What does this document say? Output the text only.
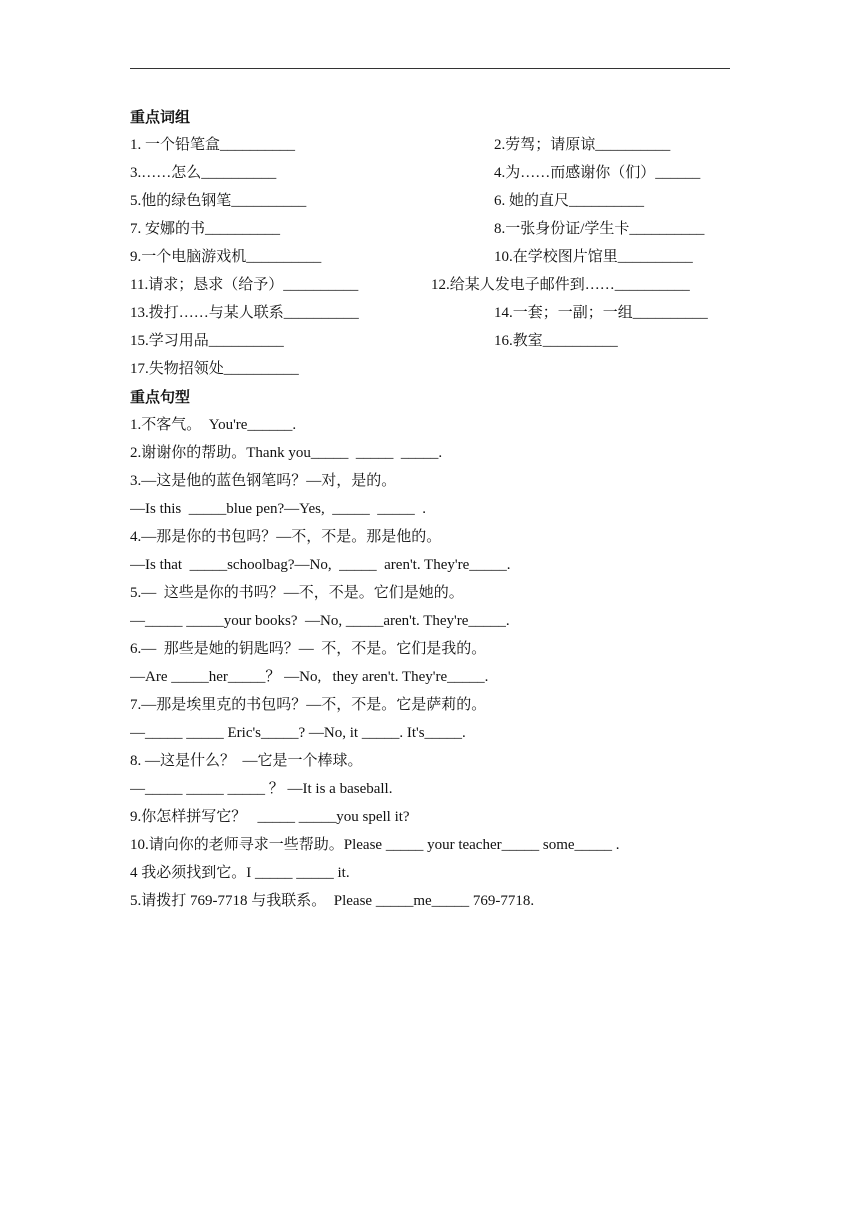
重点词组

1. 一个铅笔盒__________

	2.劳驾；请原谅__________

3.……怎么__________

	4.为……而感谢你（们）______

5.他的绿色钢笔__________

	6. 她的直尺__________

7. 安娜的书__________

	8.一张身份证/学生卡__________

9.一个电脑游戏机__________

	10.在学校图片馆里__________

11.请求；恳求（给予）__________

	12.给某人发电子邮件到……__________

13.拨打……与某人联系__________

	14.一套；一副；一组__________

15.学习用品__________

	16.教室__________

17.失物招领处__________

重点句型
1.不客气。  You're______.
2.谢谢你的帮助。Thank you_____  _____  _____.
3.—这是他的蓝色钢笔吗？—对，是的。
—Is this  _____blue pen?—Yes,  _____  _____  .
4.—那是你的书包吗？—不，不是。那是他的。
—Is that  _____schoolbag?—No,  _____  aren't. They're_____.
5.—  这些是你的书吗？—不，不是。它们是她的。
—_____ _____your books?  —No, _____aren't. They're_____.
6.—  那些是她的钥匙吗？—  不，不是。它们是我的。
—Are _____her_____？ —No,   they aren't. They're_____.
7.—那是埃里克的书包吗？—不，不是。它是萨莉的。
—_____ _____ Eric's_____? —No, it _____. It's_____.
8. —这是什么？  —它是一个棒球。
—_____ _____ _____ ？ —It is a baseball.
9.你怎样拼写它？   _____ _____you spell it?
10.请向你的老师寻求一些帮助。Please _____ your teacher_____ some_____ .
4 我必须找到它。I _____ _____ it.
5.请拨打 769-7718 与我联系。  Please _____me_____ 769-7718.
